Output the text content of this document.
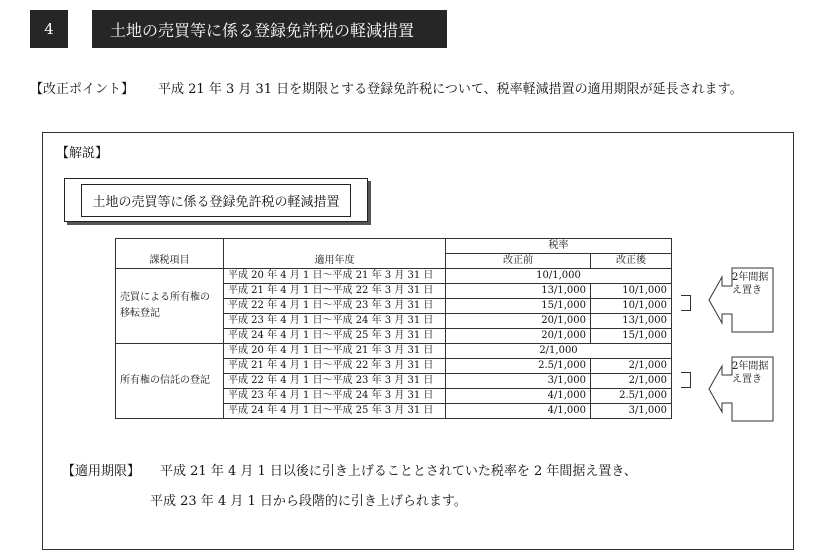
4	土地の売買等に係る登録免許税の軽減措置
【改正ポイント】 平成 21 年 3 月 31 日を期限とする登録免許税について、税率軽減措置の適用期限が延長されます。
【解説】
土地の売買等に係る登録免許税の軽減措置
課税項目	適用年度	税率	
		改正前	改正後
売買による所有権の移転登記	平成 20 年 4 月 1 日～平成 21 年 3 月 31 日	10/1,000	
	平成 21 年 4 月 1 日～平成 22 年 3 月 31 日	13/1,000	10/1,000
	平成 22 年 4 月 1 日～平成 23 年 3 月 31 日	15/1,000	10/1,000
	平成 23 年 4 月 1 日～平成 24 年 3 月 31 日	20/1,000	13/1,000
	平成 24 年 4 月 1 日～平成 25 年 3 月 31 日	20/1,000	15/1,000
所有権の信託の登記	平成 20 年 4 月 1 日～平成 21 年 3 月 31 日	2/1,000	
	平成 21 年 4 月 1 日～平成 22 年 3 月 31 日	2.5/1,000	2/1,000
	平成 22 年 4 月 1 日～平成 23 年 3 月 31 日	3/1,000	2/1,000
	平成 23 年 4 月 1 日～平成 24 年 3 月 31 日	4/1,000	2.5/1,000
	平成 24 年 4 月 1 日～平成 25 年 3 月 31 日	4/1,000	3/1,000
2年間据え置き
2年間据え置き
【適用期限】 平成 21 年 4 月 1 日以後に引き上げることとされていた税率を 2 年間据え置き、
平成 23 年 4 月 1 日から段階的に引き上げられます。
